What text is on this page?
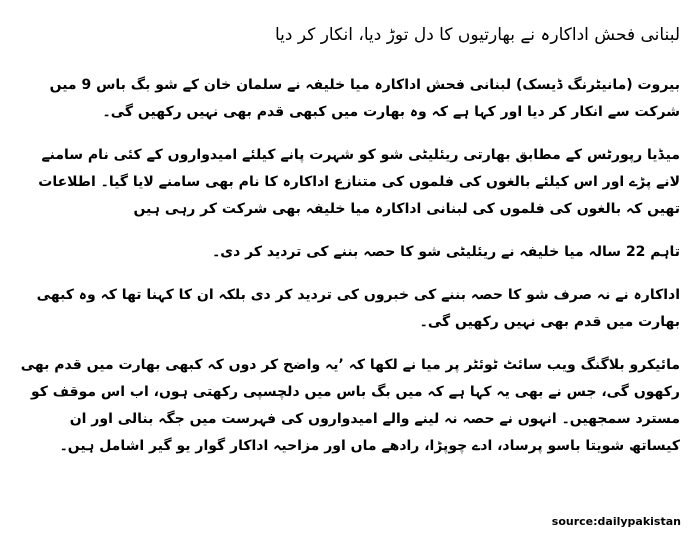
لبنانی فحش اداکارہ نے بھارتیوں کا دل توڑ دیا، انکار کر دیا

بیروت (مانیٹرنگ ڈیسک) لبنانی فحش اداکارہ میا خلیفہ نے سلمان خان کے شو بگ باس 9 میں شرکت سے انکار کر دیا اور کہا ہے کہ وہ بھارت میں کبھی قدم بھی نہیں رکھیں گی۔

میڈیا رپورٹس کے مطابق بھارتی ریئلیٹی شو کو شہرت پانے کیلئے امیدواروں کے کئی نام سامنے لانے پڑے اور اس کیلئے بالغوں کی فلموں کی متنازع اداکارہ کا نام بھی سامنے لایا گیا۔ اطلاعات تھیں کہ بالغوں کی فلموں کی لبنانی اداکارہ میا خلیفہ بھی شرکت کر رہی ہیں

تاہم 22 سالہ میا خلیفہ نے ریئلیٹی شو کا حصہ بننے کی تردید کر دی۔

اداکارہ نے نہ صرف شو کا حصہ بننے کی خبروں کی تردید کر دی بلکہ ان کا کہنا تھا کہ وہ کبھی بھارت میں قدم بھی نہیں رکھیں گی۔

مائیکرو بلاگنگ ویب سائٹ ٹوئٹر پر میا نے لکھا کہ ’یہ واضح کر دوں کہ کبھی بھارت میں قدم بھی رکھوں گی، جس نے بھی یہ کہا ہے کہ میں بگ باس میں دلچسپی رکھتی ہوں، اب اس موقف کو مسترد سمجھیں۔ انہوں نے حصہ نہ لینے والے امیدواروں کی فہرست میں جگہ بنالی اور ان کیساتھ شویتا باسو پرساد، ادے چوپڑا، رادھے ماں اور مزاحیہ اداکار گوار یو گیر اشامل ہیں۔

source:dailypakistan
